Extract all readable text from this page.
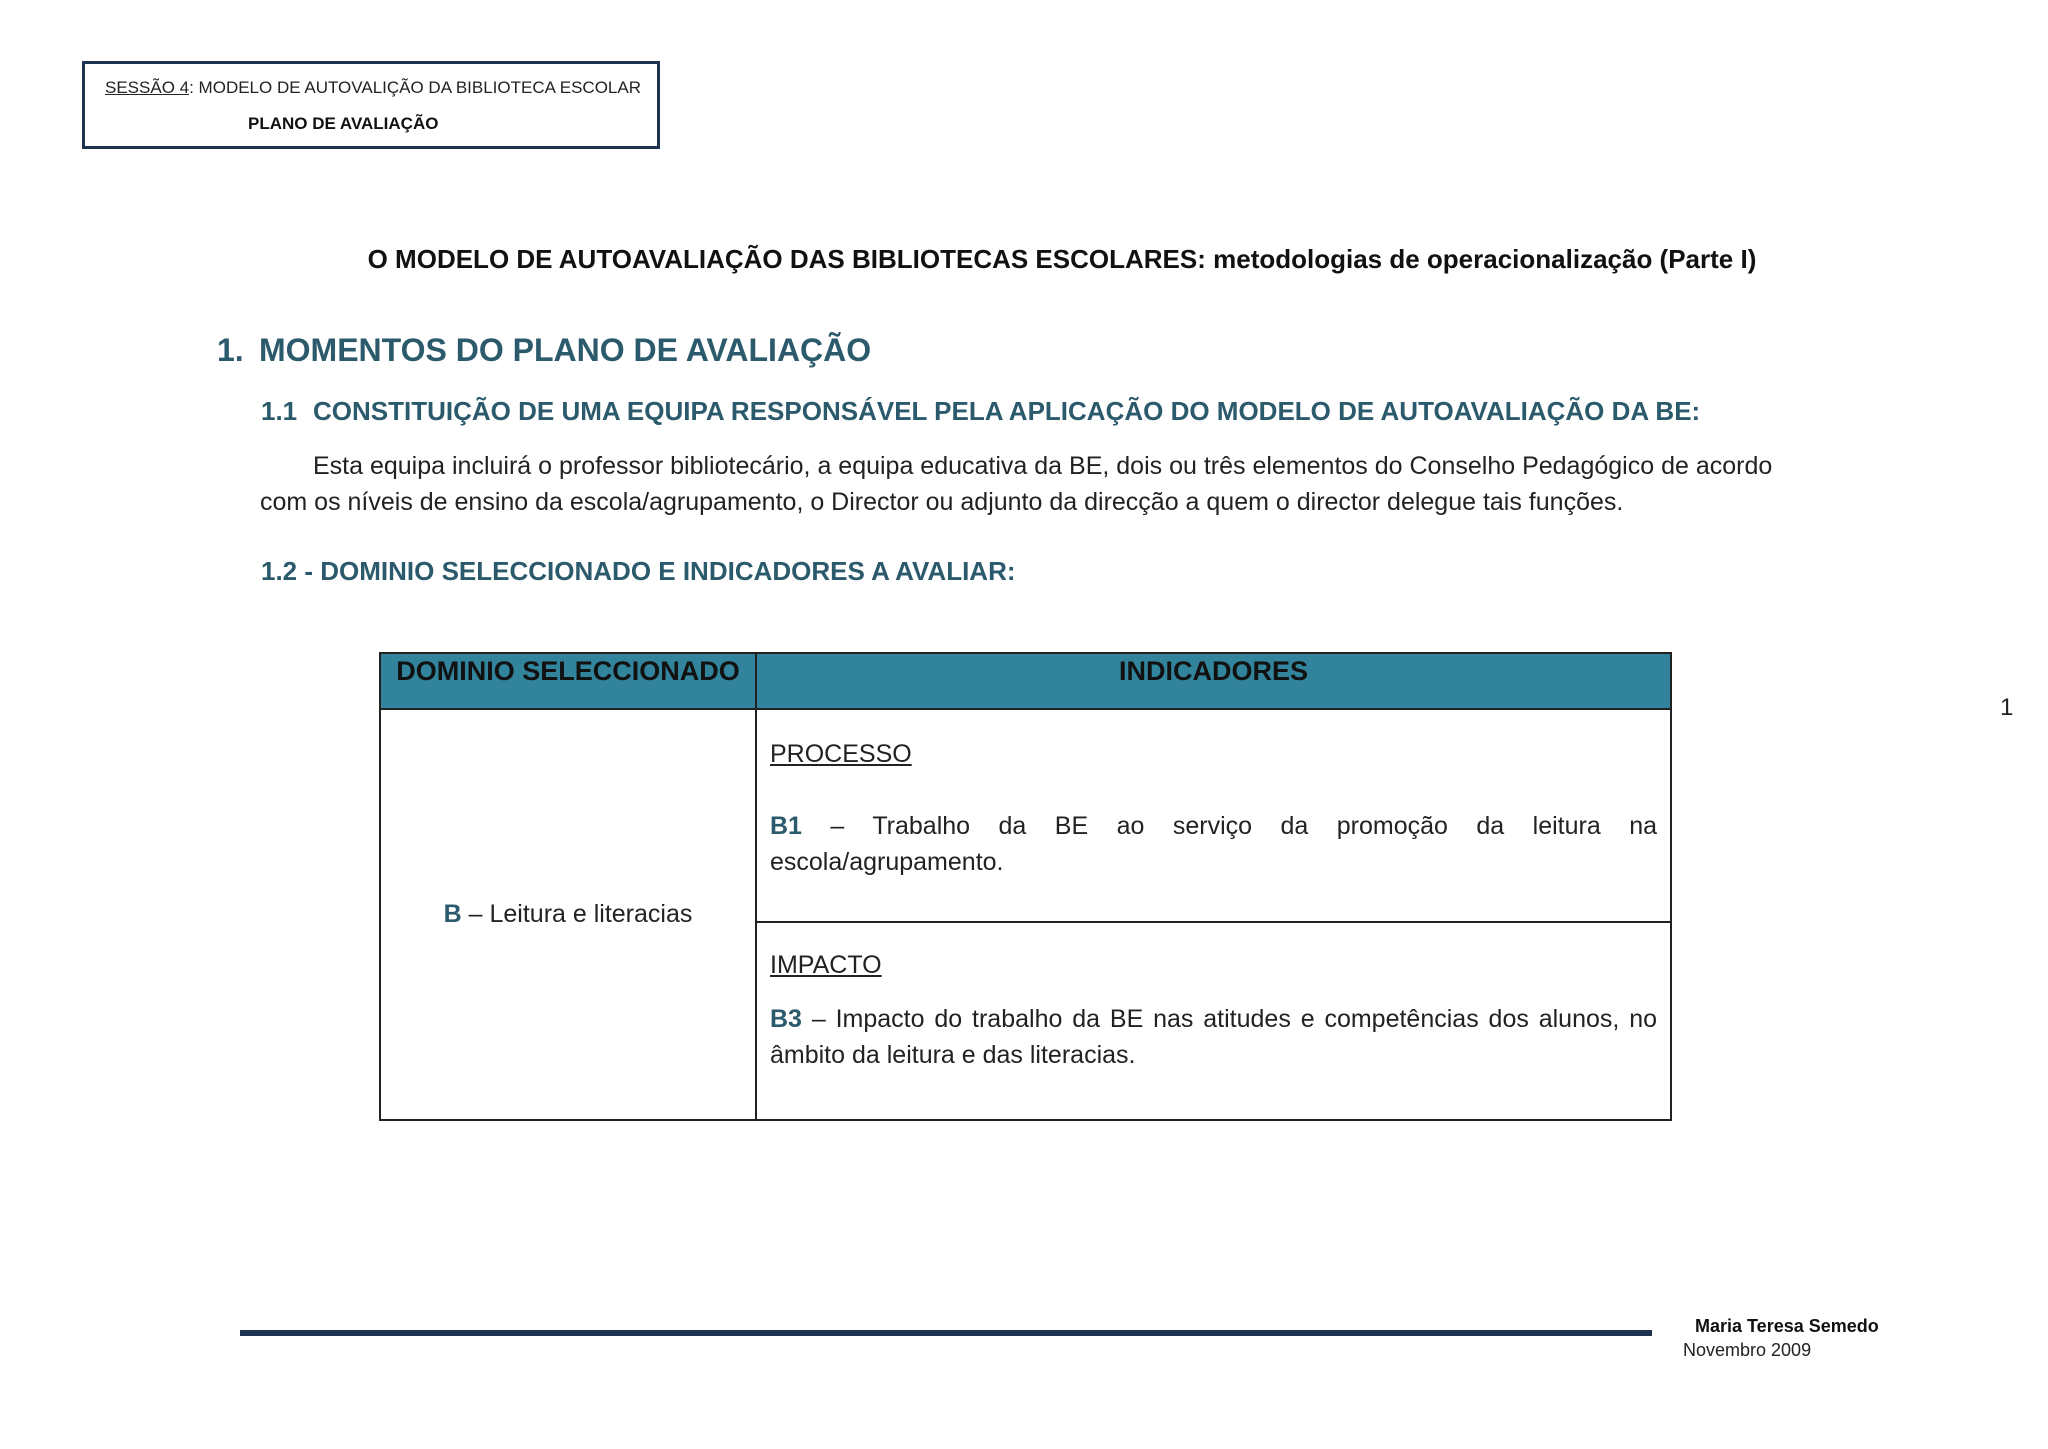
SESSÃO 4: MODELO DE AUTOVALIÇÃO DA BIBLIOTECA ESCOLAR
PLANO DE AVALIAÇÃO
O MODELO DE AUTOAVALIAÇÃO DAS BIBLIOTECAS ESCOLARES: metodologias de operacionalização (Parte I)
1. MOMENTOS DO PLANO DE AVALIAÇÃO
1.1 CONSTITUIÇÃO DE UMA EQUIPA RESPONSÁVEL PELA APLICAÇÃO DO MODELO DE AUTOAVALIAÇÃO DA BE:
Esta equipa incluirá o professor bibliotecário, a equipa educativa da BE, dois ou três elementos do Conselho Pedagógico de acordo
com os níveis de ensino da escola/agrupamento, o Director ou adjunto da direcção a quem o director delegue tais funções.
1.2 - DOMINIO SELECCIONADO E INDICADORES A AVALIAR:
DOMINIO SELECCIONADO	INDICADORES
B – Leitura e literacias	PROCESSO
B1 – Trabalho da BE ao serviço da promoção da leitura na escola/agrupamento.

	IMPACTO
B3 – Impacto do trabalho da BE nas atitudes e competências dos alunos, no âmbito da leitura e das literacias.
1
Maria Teresa Semedo
Novembro 2009
